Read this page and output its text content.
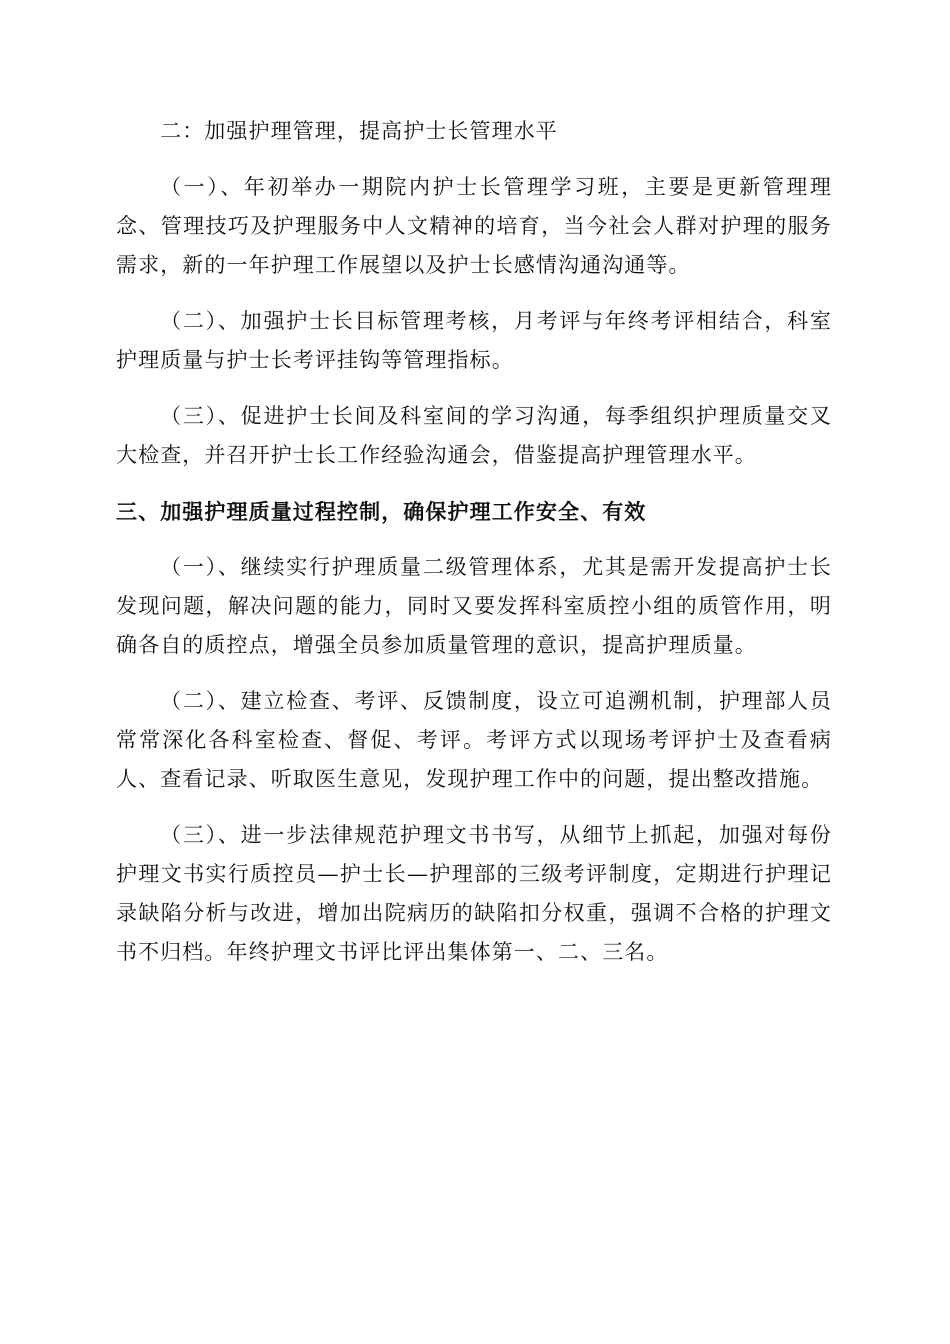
二：加强护理管理，提高护士长管理水平

（一）、年初举办一期院内护士长管理学习班，主要是更新管理理念、管理技巧及护理服务中人文精神的培育，当今社会人群对护理的服务需求，新的一年护理工作展望以及护士长感情沟通沟通等。

（二）、加强护士长目标管理考核，月考评与年终考评相结合，科室护理质量与护士长考评挂钩等管理指标。

（三）、促进护士长间及科室间的学习沟通，每季组织护理质量交叉大检查，并召开护士长工作经验沟通会，借鉴提高护理管理水平。

三、加强护理质量过程控制，确保护理工作安全、有效

（一）、继续实行护理质量二级管理体系，尤其是需开发提高护士长发现问题，解决问题的能力，同时又要发挥科室质控小组的质管作用，明确各自的质控点，增强全员参加质量管理的意识，提高护理质量。

（二）、建立检查、考评、反馈制度，设立可追溯机制，护理部人员常常深化各科室检查、督促、考评。考评方式以现场考评护士及查看病人、查看记录、听取医生意见，发现护理工作中的问题，提出整改措施。

（三）、进一步法律规范护理文书书写，从细节上抓起，加强对每份护理文书实行质控员—护士长—护理部的三级考评制度，定期进行护理记录缺陷分析与改进，增加出院病历的缺陷扣分权重，强调不合格的护理文书不归档。年终护理文书评比评出集体第一、二、三名。
